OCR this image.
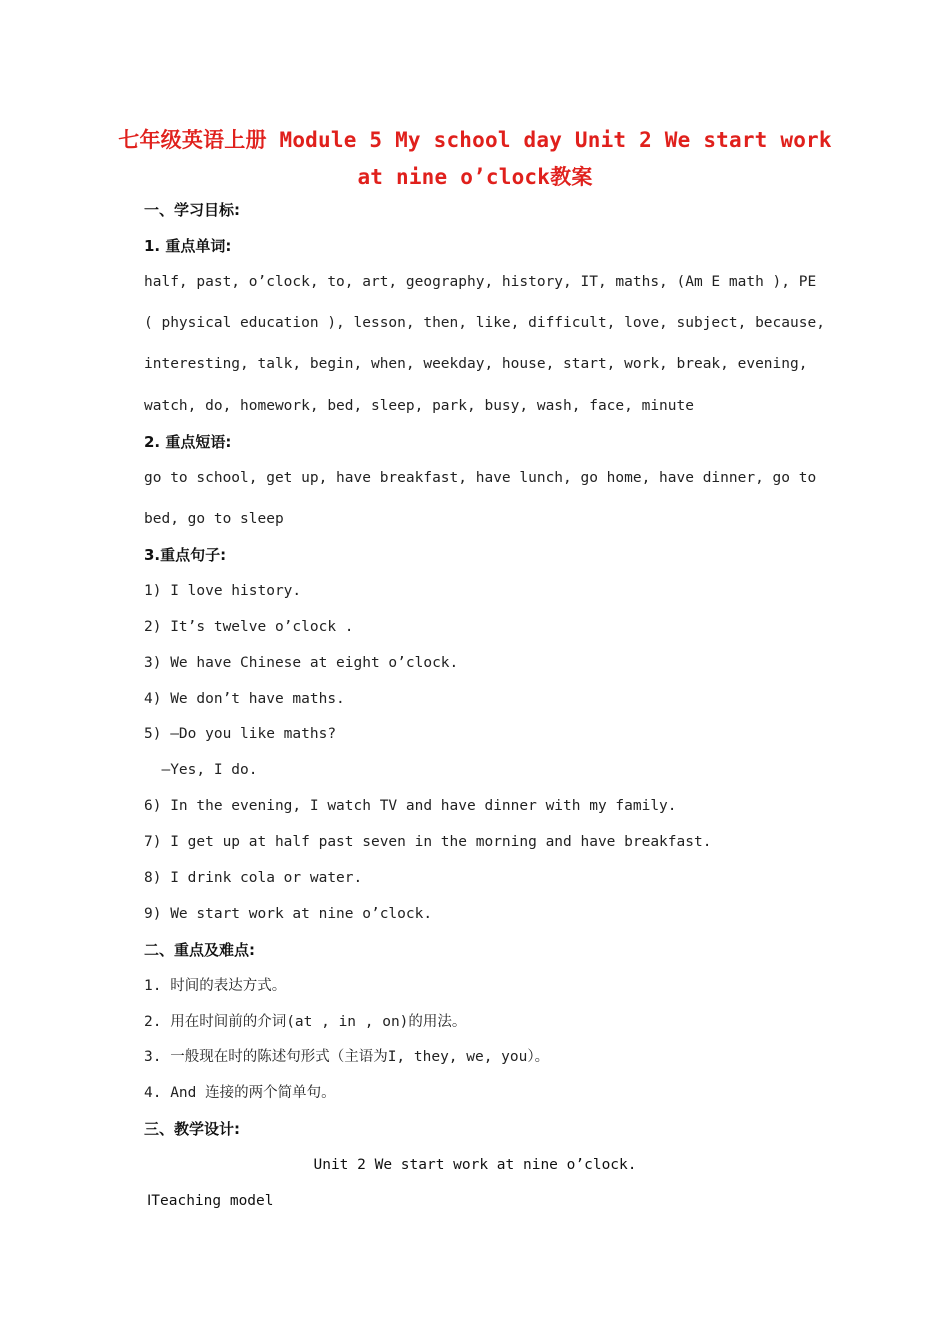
七年级英语上册 Module 5 My school day Unit 2 We start work
at nine o’clock教案
一、学习目标:
1. 重点单词:
half, past, o’clock, to, art, geography, history, IT, maths, (Am E math ), PE
( physical education ), lesson, then, like, difficult, love, subject, because,
interesting, talk, begin, when, weekday, house, start, work, break, evening,
watch, do, homework, bed, sleep, park, busy, wash, face, minute
2. 重点短语:
go to school, get up, have breakfast, have lunch, go home, have dinner, go to
bed, go to sleep
3.重点句子:
1) I love history.
2) It’s twelve o’clock .
3) We have Chinese at eight o’clock.
4) We don’t have maths.
5) —Do you like maths?
—Yes, I do.
6) In the evening, I watch TV and have dinner with my family.
7) I get up at half past seven in the morning and have breakfast.
8) I drink cola or water.
9) We start work at nine o’clock.
二、重点及难点:
1. 时间的表达方式。
2. 用在时间前的介词(at , in , on)的用法。
3. 一般现在时的陈述句形式（主语为I, they, we, you）。
4. And 连接的两个简单句。
三、教学设计:
Unit 2 We start work at nine o’clock.
ⅠTeaching model
